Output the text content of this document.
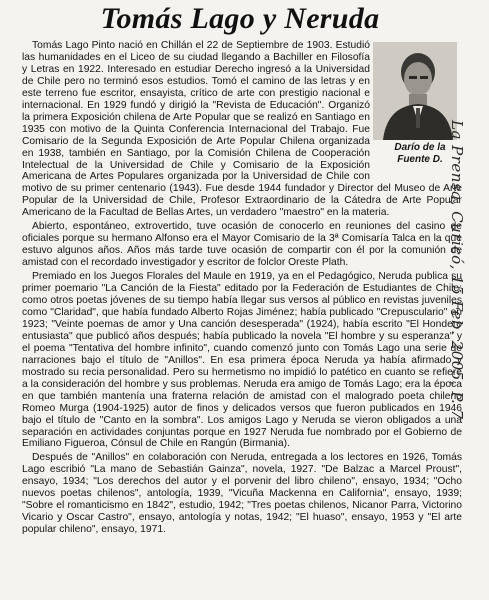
Tomás Lago y Neruda
Darío de la Fuente D.

Tomás Lago Pinto nació en Chillán el 22 de Septiembre de 1903. Estudió las humanidades en el Liceo de su ciudad llegando a Bachiller en Filosofía y Letras en 1922. Interesado en estudiar Derecho ingresó a la Universidad de Chile pero no terminó esos estudios. Tomó el camino de las letras y en este terreno fue escritor, ensayista, crítico de arte con prestigio nacional e internacional. En 1929 fundó y dirigió la "Revista de Educación". Organizó la primera Exposición chilena de Arte Popular que se realizó en Santiago en 1935 con motivo de la Quinta Conferencia Internacional del Trabajo. Fue Comisario de la Segunda Exposición de Arte Popular Chilena organizada en 1938, también en Santiago, por la Comisión Chilena de Cooperación Intelectual de la Universidad de Chile y Comisario de la Exposición Americana de Artes Populares organizada por la Universidad de Chile con motivo de su primer centenario (1943). Fue desde 1944 fundador y Director del Museo de Arte Popular de la Universidad de Chile, Profesor Extraordinario de la Cátedra de Arte Popular Americano de la Facultad de Bellas Artes, un verdadero "maestro" en la materia.

Abierto, espontáneo, extrovertido, tuve ocasión de conocerlo en reuniones del casino de oficiales porque su hermano Alfonso era el Mayor Comisario de la 3ª Comisaría Talca en la que estuvo algunos años. Años más tarde tuve ocasión de compartir con él por la comunión de amistad con el recordado investigador y escritor de folclor Oreste Plath.

Premiado en los Juegos Florales del Maule en 1919, ya en el Pedagógico, Neruda publica su primer poemario "La Canción de la Fiesta" editado por la Federación de Estudiantes de Chile; como otros poetas jóvenes de su tiempo había llegar sus versos al público en revistas juveniles como "Claridad", que había fundado Alberto Rojas Jiménez; había publicado "Crepusculario" en 1923; "Veinte poemas de amor y Una canción desesperada" (1924), había escrito "El Hondero entusiasta" que publicó años después; había publicado la novela "El hombre y su esperanza" y el poema "Tentativa del hombre infinito", cuando comenzó junto con Tomás Lago una serie de narraciones bajo el título de "Anillos". En esa primera época Neruda ya había afirmado y mostrado su recia personalidad. Pero su hermetismo no impidió lo patético en cuanto se refiere a la consideración del hombre y sus problemas. Neruda era amigo de Tomás Lago; era la época en que también mantenía una fraterna relación de amistad con el malogrado poeta chileno Romeo Murga (1904-1925) autor de finos y delicados versos que fueron publicados en 1946 bajo el título de "Canto en la sombra". Los amigos Lago y Neruda se vieron obligados a una separación en actividades conjuntas porque en 1927 Neruda fue nombrado por el Gobierno de Emiliano Figueroa, Cónsul de Chile en Rangún (Birmania).

Después de "Anillos" en colaboración con Neruda, entregada a los lectores en 1926, Tomás Lago escribió "La mano de Sebastián Gainza", novela, 1927. "De Balzac a Marcel Proust", ensayo, 1934; "Los derechos del autor y el porvenir del libro chileno", ensayo, 1934; "Ocho nuevos poetas chilenos", antología, 1939, "Vicuña Mackenna en California", ensayo, 1939; "Sobre el romanticismo en 1842", estudio, 1942; "Tres poetas chilenos, Nicanor Parra, Victorino Vicario y Oscar Castro", ensayo, antología y notas, 1942; "El huaso", ensayo, 1953 y "El arte popular chileno", ensayo, 1971.

La Prensa, Curicó, 15 Feb. 2005, P. 7
